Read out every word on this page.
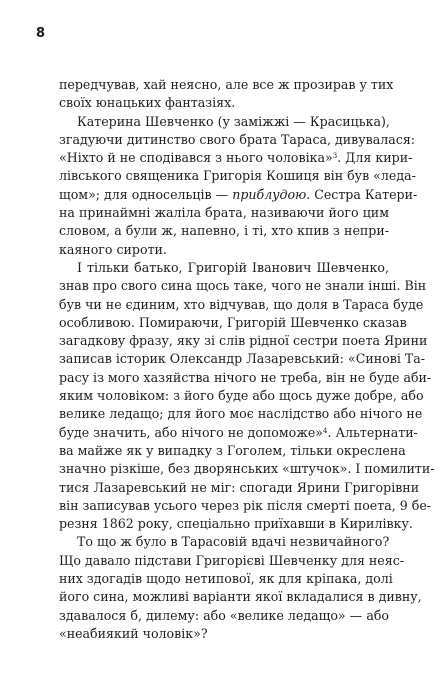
8
передчував, хай неясно, але все ж прозирав у тих
своїх юнацьких фантазіях.
Катерина Шевченко (у заміжжі — Красицька),
згадуючи дитинство свого брата Тараса, дивувалася:
«Ніхто й не сподівався з нього чоловіка»$^3$. Для кири-
лівського священика Григорія Кошиця він був «леда-
щом»; для односельців — приблудою. Сестра Катери-
на принаймні жаліла брата, називаючи його цим
словом, а були ж, напевно, і ті, хто кпив з непри-
каяного сироти.
І тільки батько, Григорій Іванович Шевченко,
знав про свого сина щось таке, чого не знали інші. Він
був чи не єдиним, хто відчував, що доля в Тараса буде
особливою. Помираючи, Григорій Шевченко сказав
загадкову фразу, яку зі слів рідної сестри поета Ярини
записав історик Олександр Лазаревський: «Синові Та-
расу із мого хазяйства нічого не треба, він не буде аби-
яким чоловіком: з його буде або щось дуже добре, або
велике ледащо; для його моє наслідство або нічого не
буде значить, або нічого не допоможе»$^4$. Альтернати-
ва майже як у випадку з Гоголем, тільки окреслена
значно різкіше, без дворянських «штучок». І помилити-
тися Лазаревський не міг: спогади Ярини Григорівни
він записував усього через рік після смерті поета, 9 бе-
резня 1862 року, спеціально приїхавши в Кирилівку.
То що ж було в Тарасовій вдачі незвичайного?
Що давало підстави Григорієві Шевченку для неяс-
них здогадів щодо нетипової, як для кріпака, долі
його сина, можливі варіанти якої вкладалися в дивну,
здавалося б, дилему: або «велике ледащо» — або
«неабиякий чоловік»?
